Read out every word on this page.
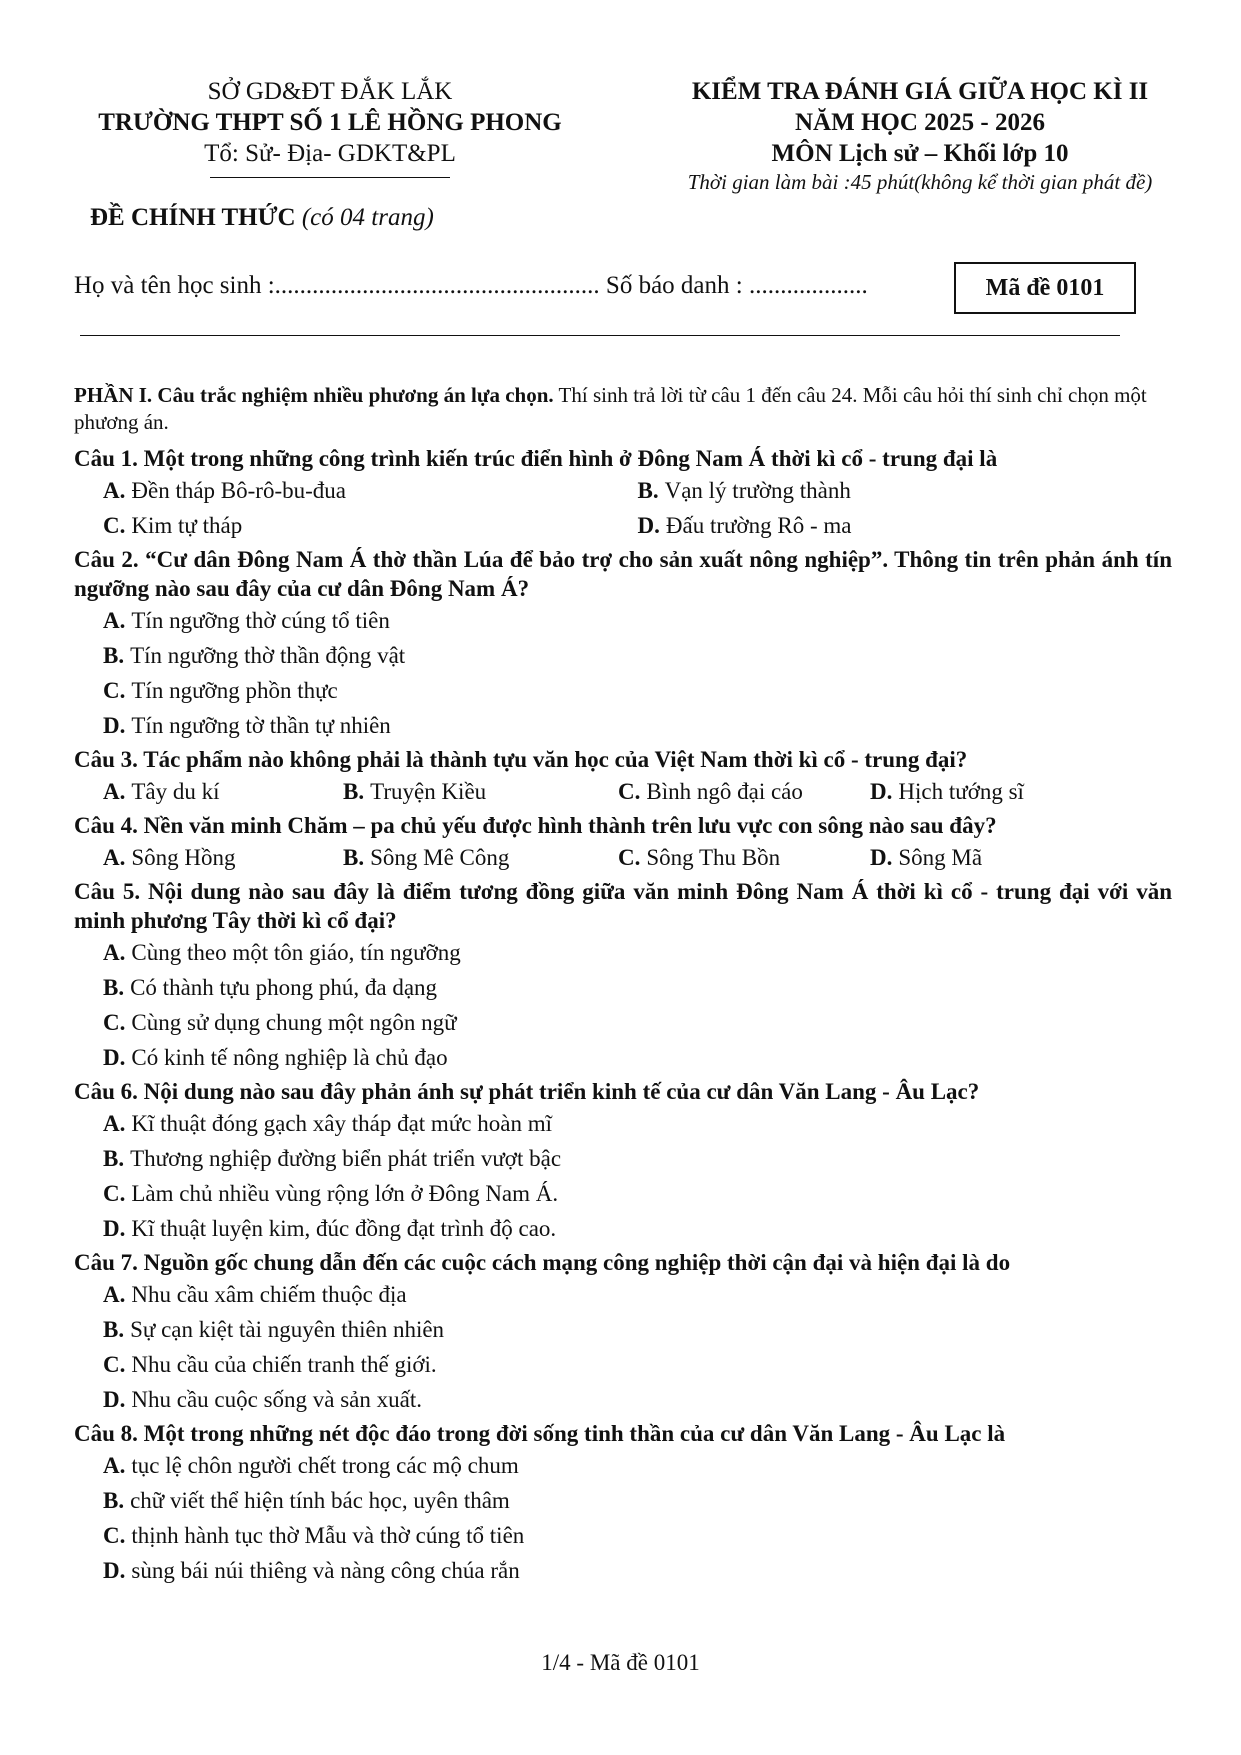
SỞ GD&ĐT ĐẮK LẮK
TRƯỜNG THPT SỐ 1 LÊ HỒNG PHONG
Tổ: Sử- Địa- GDKT&PL
KIỂM TRA ĐÁNH GIÁ GIỮA HỌC KÌ II
NĂM HỌC 2025 - 2026
MÔN Lịch sử – Khối lớp 10
Thời gian làm bài :45 phút(không kể thời gian phát đề)
ĐỀ CHÍNH THỨC (có 04 trang)
Họ và tên học sinh :.................................................... Số báo danh : ...................	Mã đề 0101
PHẦN I. Câu trắc nghiệm nhiều phương án lựa chọn. Thí sinh trả lời từ câu 1 đến câu 24. Mỗi câu hỏi thí sinh chỉ chọn một phương án.
Câu 1. Một trong những công trình kiến trúc điển hình ở Đông Nam Á thời kì cổ - trung đại là
A. Đền tháp Bô-rô-bu-đua	B. Vạn lý trường thành
C. Kim tự tháp	D. Đấu trường Rô - ma
Câu 2. “Cư dân Đông Nam Á thờ thần Lúa để bảo trợ cho sản xuất nông nghiệp”. Thông tin trên phản ánh tín ngưỡng nào sau đây của cư dân Đông Nam Á?
A. Tín ngưỡng thờ cúng tổ tiên
B. Tín ngưỡng thờ thần động vật
C. Tín ngưỡng phồn thực
D. Tín ngưỡng tờ thần tự nhiên
Câu 3. Tác phẩm nào không phải là thành tựu văn học của Việt Nam thời kì cổ - trung đại?
A. Tây du kí	B. Truyện Kiều	C. Bình ngô đại cáo	D. Hịch tướng sĩ
Câu 4. Nền văn minh Chăm – pa chủ yếu được hình thành trên lưu vực con sông nào sau đây?
A. Sông Hồng	B. Sông Mê Công	C. Sông Thu Bồn	D. Sông Mã
Câu 5. Nội dung nào sau đây là điểm tương đồng giữa văn minh Đông Nam Á thời kì cổ - trung đại với văn minh phương Tây thời kì cổ đại?
A. Cùng theo một tôn giáo, tín ngưỡng
B. Có thành tựu phong phú, đa dạng
C. Cùng sử dụng chung một ngôn ngữ
D. Có kinh tế nông nghiệp là chủ đạo
Câu 6. Nội dung nào sau đây phản ánh sự phát triển kinh tế của cư dân Văn Lang - Âu Lạc?
A. Kĩ thuật đóng gạch xây tháp đạt mức hoàn mĩ
B. Thương nghiệp đường biển phát triển vượt bậc
C. Làm chủ nhiều vùng rộng lớn ở Đông Nam Á.
D. Kĩ thuật luyện kim, đúc đồng đạt trình độ cao.
Câu 7. Nguồn gốc chung dẫn đến các cuộc cách mạng công nghiệp thời cận đại và hiện đại là do
A. Nhu cầu xâm chiếm thuộc địa
B. Sự cạn kiệt tài nguyên thiên nhiên
C. Nhu cầu của chiến tranh thế giới.
D. Nhu cầu cuộc sống và sản xuất.
Câu 8. Một trong những nét độc đáo trong đời sống tinh thần của cư dân Văn Lang - Âu Lạc là
A. tục lệ chôn người chết trong các mộ chum
B. chữ viết thể hiện tính bác học, uyên thâm
C. thịnh hành tục thờ Mẫu và thờ cúng tổ tiên
D. sùng bái núi thiêng và nàng công chúa rắn
1/4 - Mã đề 0101
